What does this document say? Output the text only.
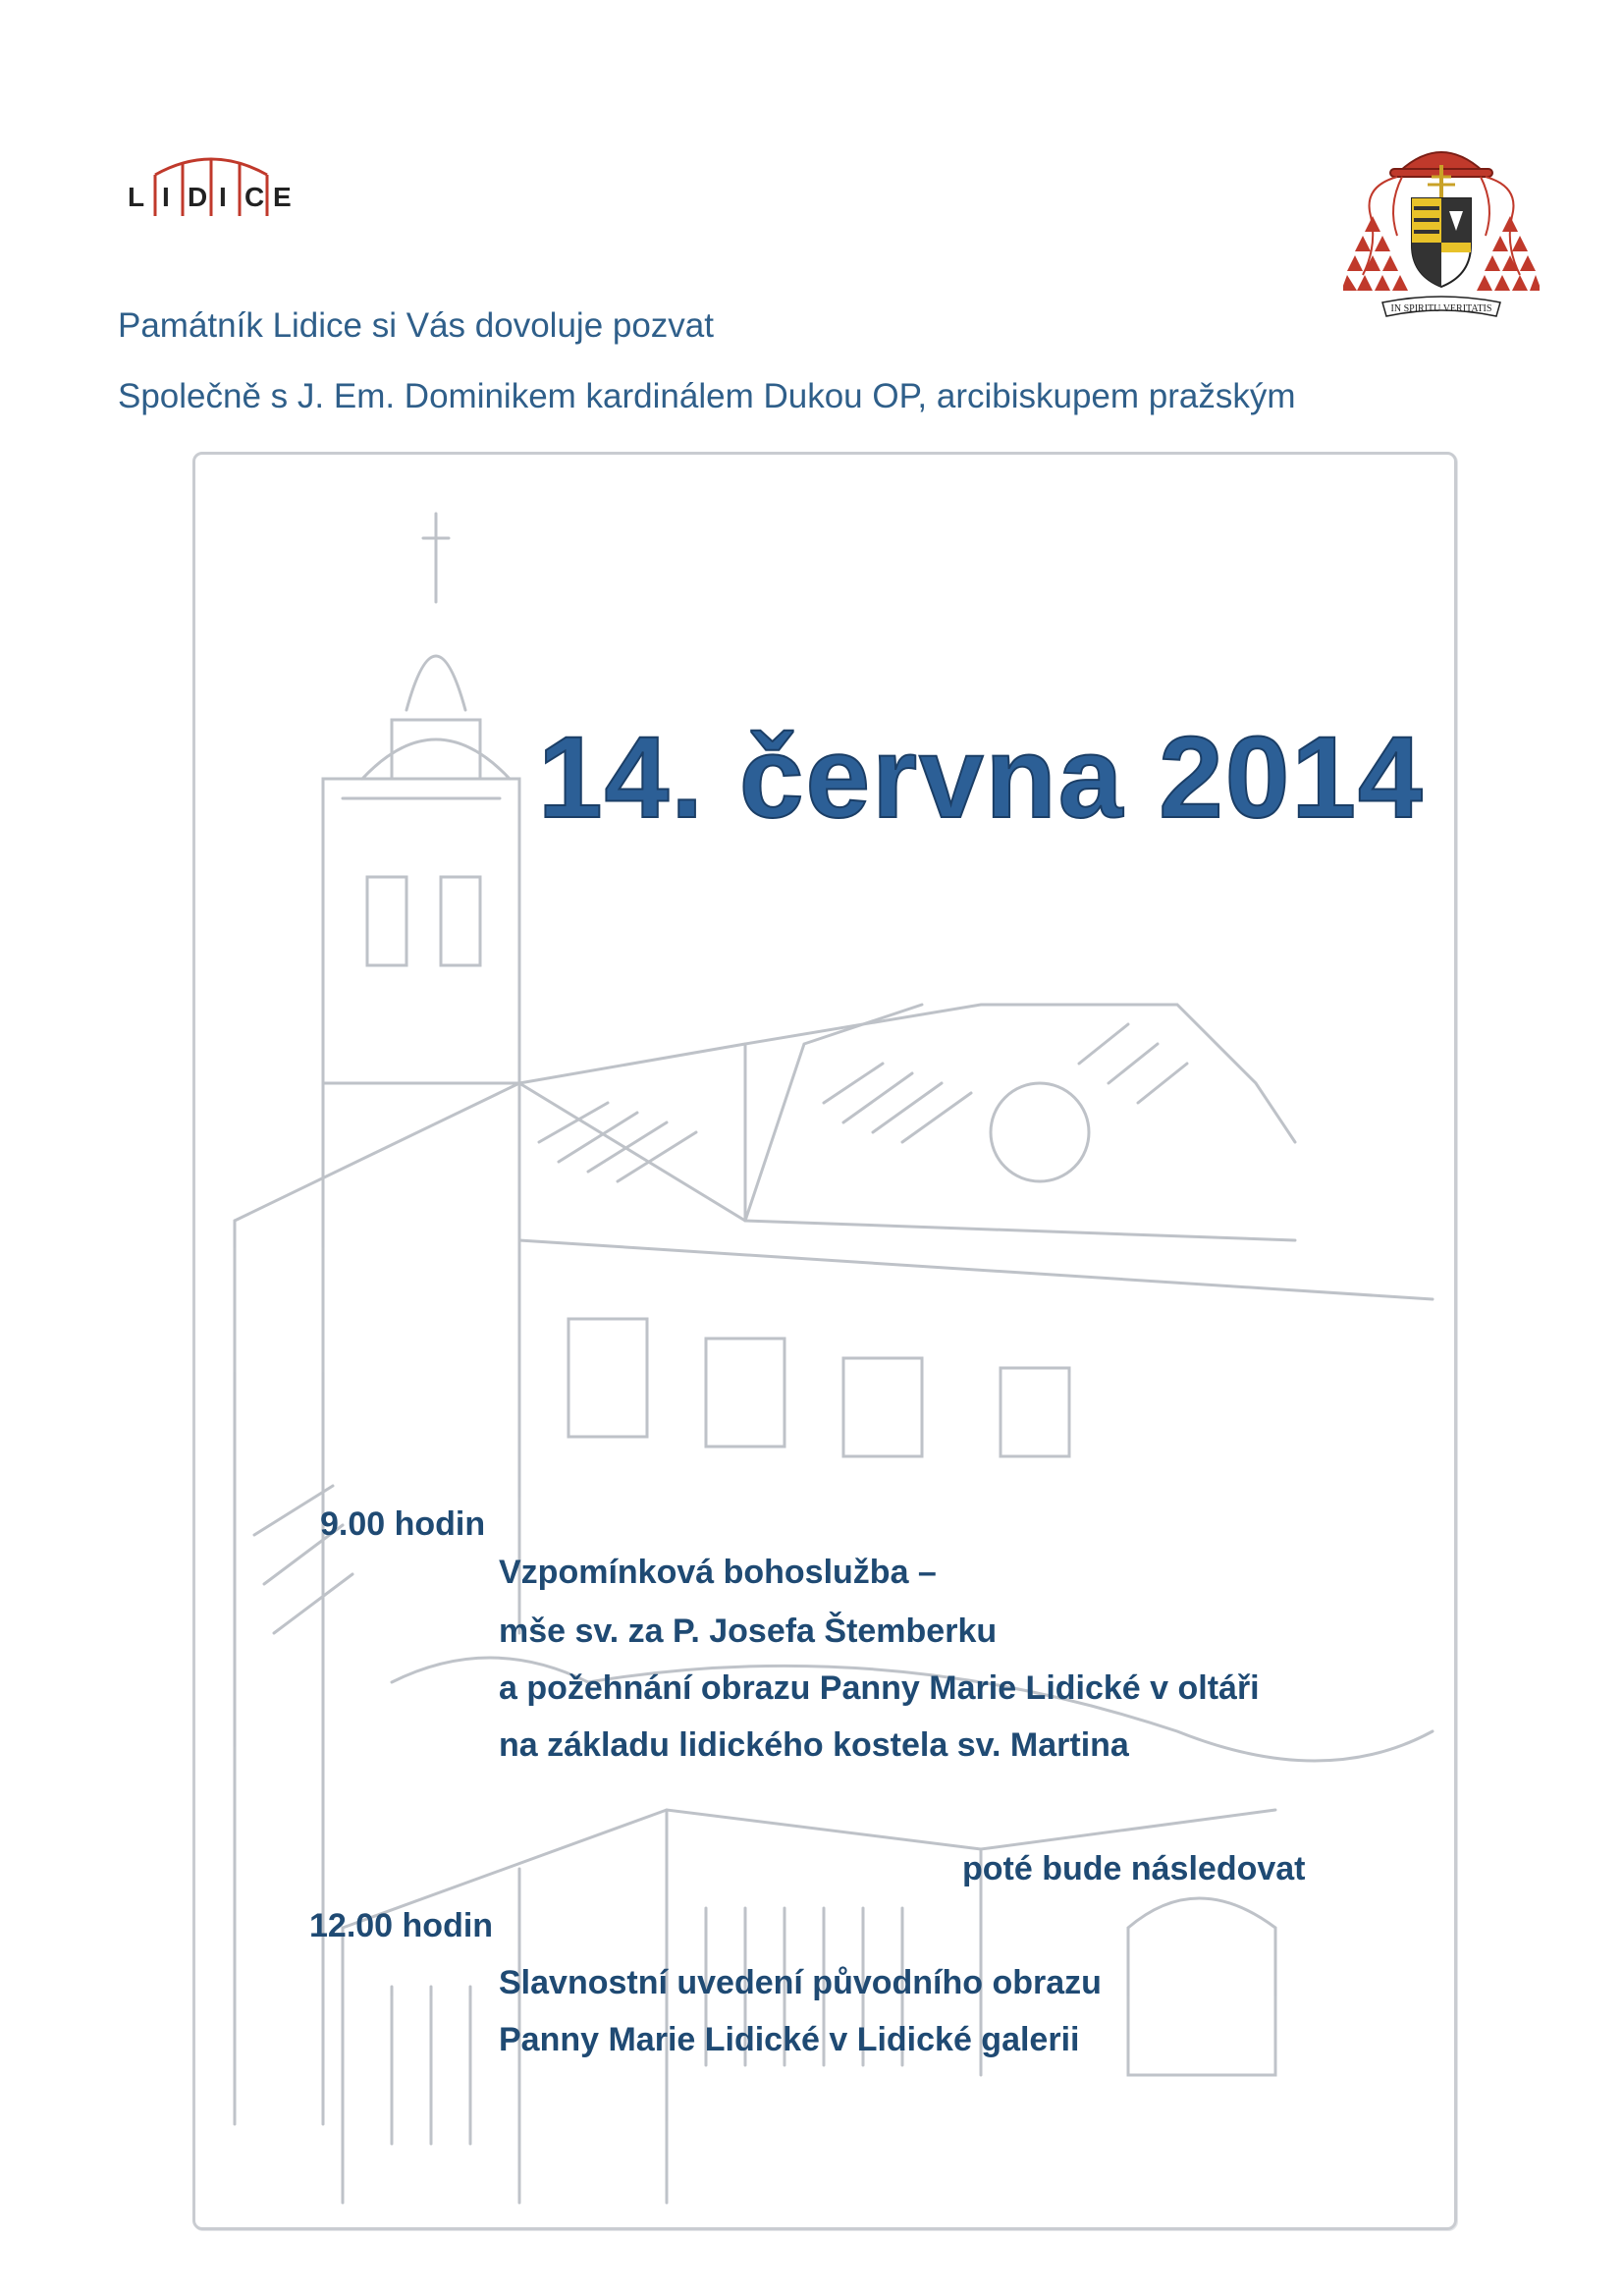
L I D I C E
IN SPIRITU VERITATIS
Památník Lidice si Vás dovoluje pozvat
Společně s J. Em. Dominikem kardinálem Dukou OP, arcibiskupem pražským
14. června 2014
9.00 hodin
Vzpomínková bohoslužba –
mše sv. za P. Josefa Štemberku
a požehnání obrazu Panny Marie Lidické v oltáři
na základu lidického kostela sv. Martina
poté bude následovat
12.00 hodin
Slavnostní uvedení původního obrazu
Panny Marie Lidické v Lidické galerii
